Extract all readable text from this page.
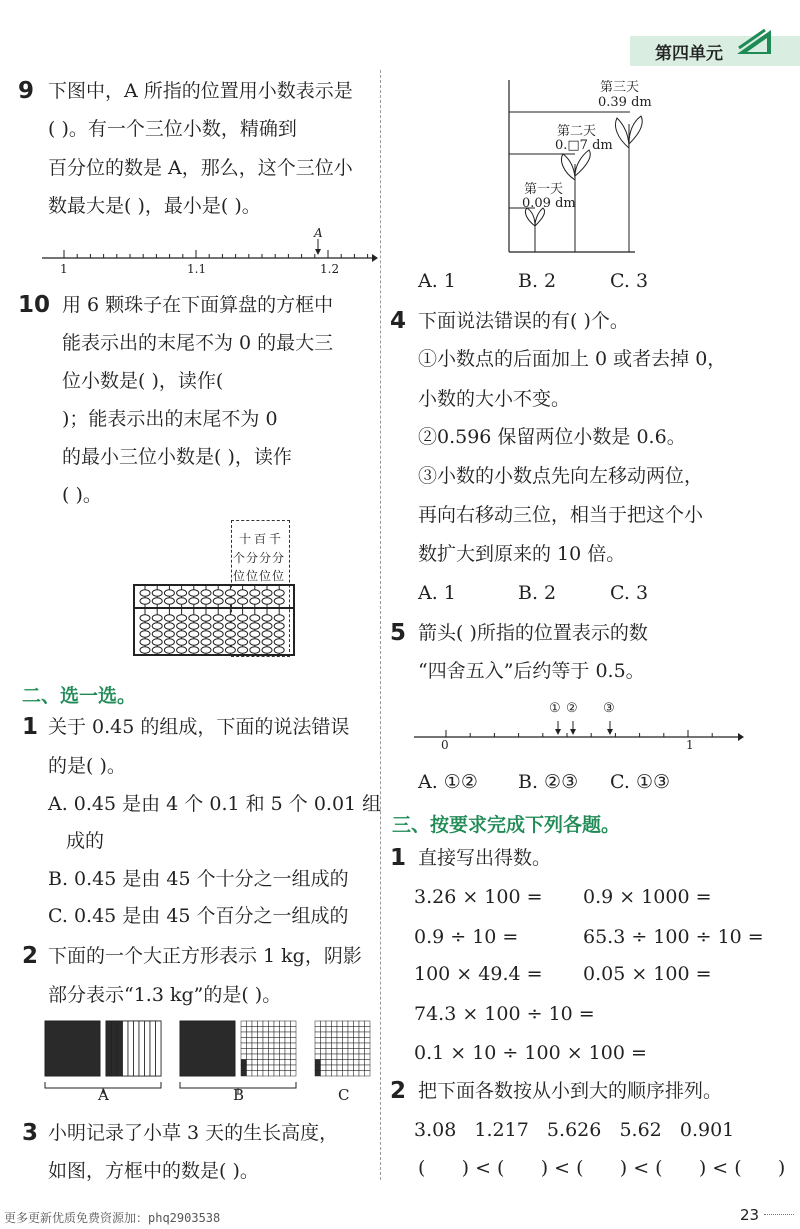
第四单元
9 下图中，A 所指的位置用小数表示是
( )。有一个三位小数，精确到
百分位的数是 A，那么，这个三位小
数最大是( )，最小是( )。
A
1	1.1	1.2
10 用 6 颗珠子在下面算盘的方框中
能表示出的末尾不为 0 的最大三
位小数是( )，读作(
)；能表示出的末尾不为 0
的最小三位小数是( )，读作
( )。
十百千
个分分分
位位位位
二、选一选。
1 关于 0.45 的组成，下面的说法错误
的是( )。
A. 0.45 是由 4 个 0.1 和 5 个 0.01 组
成的
B. 0.45 是由 45 个十分之一组成的
C. 0.45 是由 45 个百分之一组成的
2 下面的一个大正方形表示 1 kg，阴影
部分表示“1.3 kg”的是( )。
A	B	C
3 小明记录了小草 3 天的生长高度，
如图，方框中的数是( )。
更多更新优质免费资源加：phq2903538
第三天
0.39 dm
第二天
0.□7 dm
第一天
0.09 dm
A. 1	B. 2	C. 3
4 下面说法错误的有( )个。
①小数点的后面加上 0 或者去掉 0，
小数的大小不变。
②0.596 保留两位小数是 0.6。
③小数的小数点先向左移动两位，
再向右移动三位，相当于把这个小
数扩大到原来的 10 倍。
A. 1	B. 2	C. 3
5 箭头( )所指的位置表示的数
“四舍五入”后约等于 0.5。
① ② ③
0	1
A. ①② B. ②③ C. ①③
三、按要求完成下列各题。
1 直接写出得数。
3.26 × 100 = 0.9 × 1000 =
0.9 ÷ 10 =	65.3 ÷ 100 ÷ 10 =
100 × 49.4 = 0.05 × 100 =
74.3 × 100 ÷ 10 =
0.1 × 10 ÷ 100 × 100 =
2 把下面各数按从小到大的顺序排列。
3.08   1.217   5.626   5.62   0.901
(      ) < (      ) < (      ) < (      ) < (      )
23
